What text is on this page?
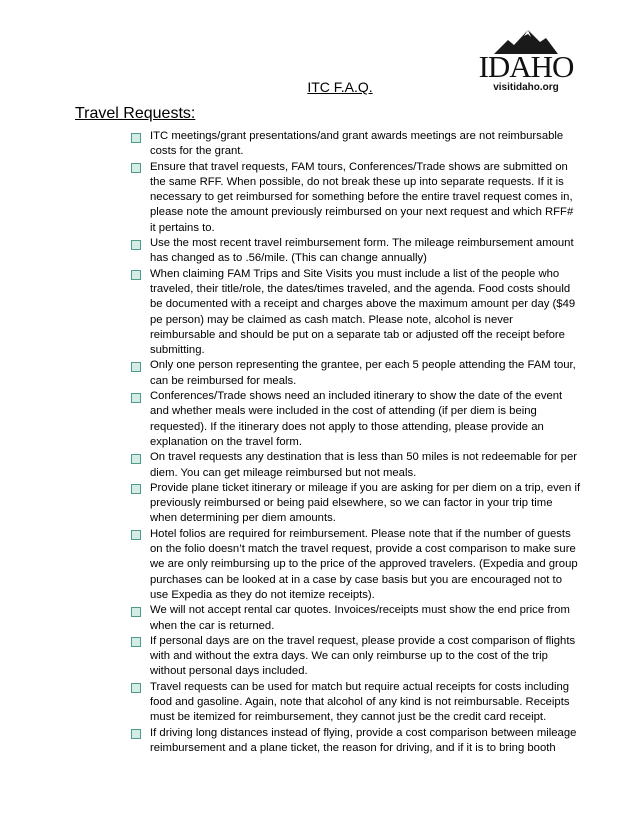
IDAHO
visitidaho.org
ITC F.A.Q.
Travel Requests:
ITC meetings/grant presentations/and grant awards meetings are not reimbursable costs for the grant.
Ensure that travel requests, FAM tours, Conferences/Trade shows are submitted on the same RFF. When possible, do not break these up into separate requests. If it is necessary to get reimbursed for something before the entire travel request comes in, please note the amount previously reimbursed on your next request and which RFF# it pertains to.
Use the most recent travel reimbursement form. The mileage reimbursement amount has changed as to .56/mile. (This can change annually)
When claiming FAM Trips and Site Visits you must include a list of the people who traveled, their title/role, the dates/times traveled, and the agenda. Food costs should be documented with a receipt and charges above the maximum amount per day ($49 pe person) may be claimed as cash match. Please note, alcohol is never reimbursable and should be put on a separate tab or adjusted off the receipt before submitting.
Only one person representing the grantee, per each 5 people attending the FAM tour, can be reimbursed for meals.
Conferences/Trade shows need an included itinerary to show the date of the event and whether meals were included in the cost of attending (if per diem is being requested). If the itinerary does not apply to those attending, please provide an explanation on the travel form.
On travel requests any destination that is less than 50 miles is not redeemable for per diem. You can get mileage reimbursed but not meals.
Provide plane ticket itinerary or mileage if you are asking for per diem on a trip, even if previously reimbursed or being paid elsewhere, so we can factor in your trip time when determining per diem amounts.
Hotel folios are required for reimbursement. Please note that if the number of guests on the folio doesn’t match the travel request, provide a cost comparison to make sure we are only reimbursing up to the price of the approved travelers. (Expedia and group purchases can be looked at in a case by case basis but you are encouraged not to use Expedia as they do not itemize receipts).
We will not accept rental car quotes. Invoices/receipts must show the end price from when the car is returned.
If personal days are on the travel request, please provide a cost comparison of flights with and without the extra days. We can only reimburse up to the cost of the trip without personal days included.
Travel requests can be used for match but require actual receipts for costs including food and gasoline. Again, note that alcohol of any kind is not reimbursable. Receipts must be itemized for reimbursement, they cannot just be the credit card receipt.
If driving long distances instead of flying, provide a cost comparison between mileage reimbursement and a plane ticket, the reason for driving, and if it is to bring booth
